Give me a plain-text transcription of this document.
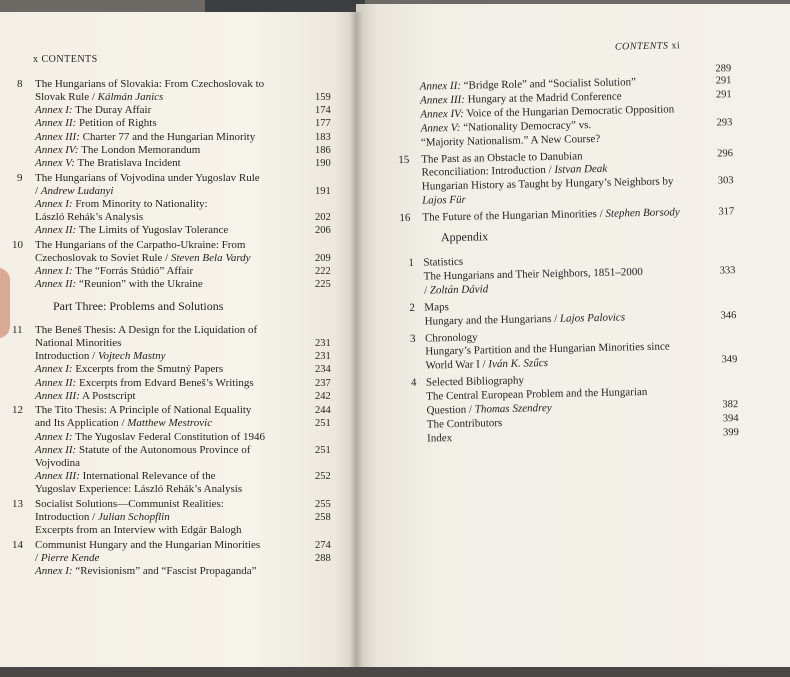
x CONTENTS
8 The Hungarians of Slovakia: From Czechoslovak to
Slovak Rule / Kálmán Janics	159
Annex I: The Duray Affair	174
Annex II: Petition of Rights	177
Annex III: Charter 77 and the Hungarian Minority	183
Annex IV: The London Memorandum	186
Annex V: The Bratislava Incident	190
9 The Hungarians of Vojvodina under Yugoslav Rule
/ Andrew Ludanyi	191
Annex I: From Minority to Nationality:
László Rehák’s Analysis	202
Annex II: The Limits of Yugoslav Tolerance	206
10 The Hungarians of the Carpatho-Ukraine: From
Czechoslovak to Soviet Rule / Steven Bela Vardy	209
Annex I: The “Forrás Stúdió” Affair	222
Annex II: “Reunion” with the Ukraine	225
Part Three: Problems and Solutions
11 The Beneš Thesis: A Design for the Liquidation of
National Minorities	231
Introduction / Vojtech Mastny	231
Annex I: Excerpts from the Smutný Papers	234
Annex II: Excerpts from Edvard Beneš’s Writings	237
Annex III: A Postscript	242
12 The Tito Thesis: A Principle of National Equality	244
and Its Application / Matthew Mestrovic	251
Annex I: The Yugoslav Federal Constitution of 1946
Annex II: Statute of the Autonomous Province of	251
Vojvodina
Annex III: International Relevance of the	252
Yugoslav Experience: László Rehák’s Analysis
13 Socialist Solutions—Communist Realities:	255
Introduction / Julian Schopflin	258
Excerpts from an Interview with Edgár Balogh
14 Communist Hungary and the Hungarian Minorities	274
/ Pierre Kende	288
Annex I: “Revisionism” and “Fascist Propaganda”
CONTENTS xi
289
Annex II: “Bridge Role” and “Socialist Solution”	291
Annex III: Hungary at the Madrid Conference	291
Annex IV: Voice of the Hungarian Democratic Opposition
Annex V: “Nationality Democracy” vs.	293
“Majority Nationalism.” A New Course?
15 The Past as an Obstacle to Danubian	296
Reconciliation: Introduction / Istvan Deak
Hungarian History as Taught by Hungary’s Neighbors by	303
Lajos Für
16 The Future of the Hungarian Minorities / Stephen Borsody	317
Appendix
1 Statistics
The Hungarians and Their Neighbors, 1851–2000	333
/ Zoltán Dávid
2 Maps
Hungary and the Hungarians / Lajos Palovics	346
3 Chronology
Hungary’s Partition and the Hungarian Minorities since
World War I / Iván K. Szűcs	349
4 Selected Bibliography
The Central European Problem and the Hungarian
Question / Thomas Szendrey	382
The Contributors	394
Index	399
